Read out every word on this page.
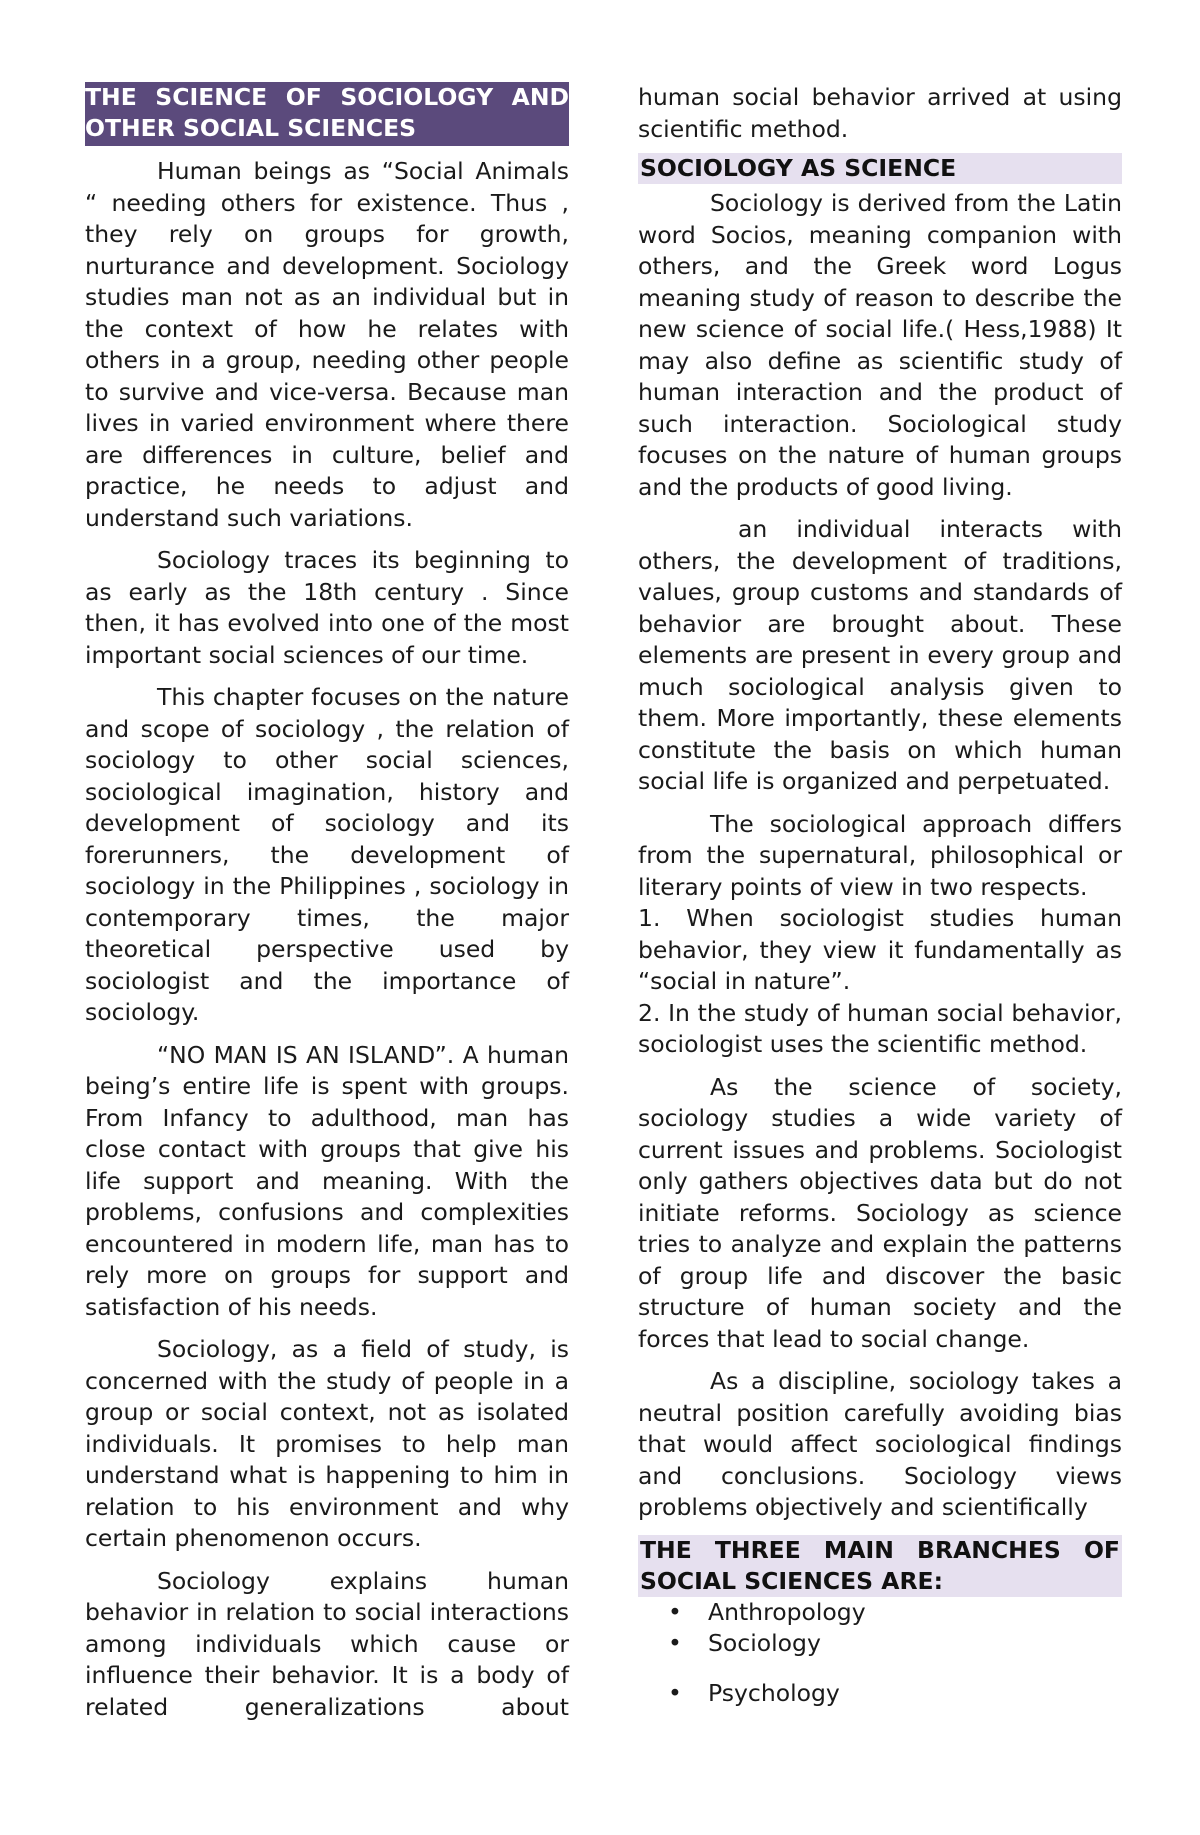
THE SCIENCE OF SOCIOLOGY AND OTHER SOCIAL SCIENCES

Human beings as “Social Animals “ needing others for existence. Thus , they rely on groups for growth, nurturance and development. Sociology studies man not as an individual but in the context of how he relates with others in a group, needing other people to survive and vice-versa. Because man lives in varied environment where there are differences in culture, belief and practice, he needs to adjust and understand such variations.

Sociology traces its beginning to as early as the 18th century . Since then, it has evolved into one of the most important social sciences of our time.

This chapter focuses on the nature and scope of sociology , the relation of sociology to other social sciences, sociological imagination, history and development of sociology and its forerunners, the development of sociology in the Philippines , sociology in contemporary times, the major theoretical perspective used by sociologist and the importance of sociology.

“NO MAN IS AN ISLAND”. A human being’s entire life is spent with groups. From Infancy to adulthood, man has close contact with groups that give his life support and meaning. With the problems, confusions and complexities encountered in modern life, man has to rely more on groups for support and satisfaction of his needs.

Sociology, as a field of study, is concerned with the study of people in a group or social context, not as isolated individuals. It promises to help man understand what is happening to him in relation to his environment and why certain phenomenon occurs.

Sociology explains human behavior in relation to social interactions among individuals which cause or influence their behavior. It is a body of related generalizations about

human social behavior arrived at using scientific method.

SOCIOLOGY AS SCIENCE

Sociology is derived from the Latin word Socios, meaning companion with others, and the Greek word Logus meaning study of reason to describe the new science of social life.( Hess,1988) It may also define as scientific study of human interaction and the product of such interaction. Sociological study focuses on the nature of human groups and the products of good living.

an individual interacts with others, the development of traditions, values, group customs and standards of behavior are brought about. These elements are present in every group and much sociological analysis given to them. More importantly, these elements constitute the basis on which human social life is organized and perpetuated.

The sociological approach differs from the supernatural, philosophical or literary points of view in two respects.

1. When sociologist studies human behavior, they view it fundamentally as “social in nature”.

2. In the study of human social behavior, sociologist uses the scientific method.

As the science of society, sociology studies a wide variety of current issues and problems. Sociologist only gathers objectives data but do not initiate reforms. Sociology as science tries to analyze and explain the patterns of group life and discover the basic structure of human society and the forces that lead to social change.

As a discipline, sociology takes a neutral position carefully avoiding bias that would affect sociological findings and conclusions. Sociology views problems objectively and scientifically

THE THREE MAIN BRANCHES OF SOCIAL SCIENCES ARE:
• Anthropology
• Sociology
• Psychology
